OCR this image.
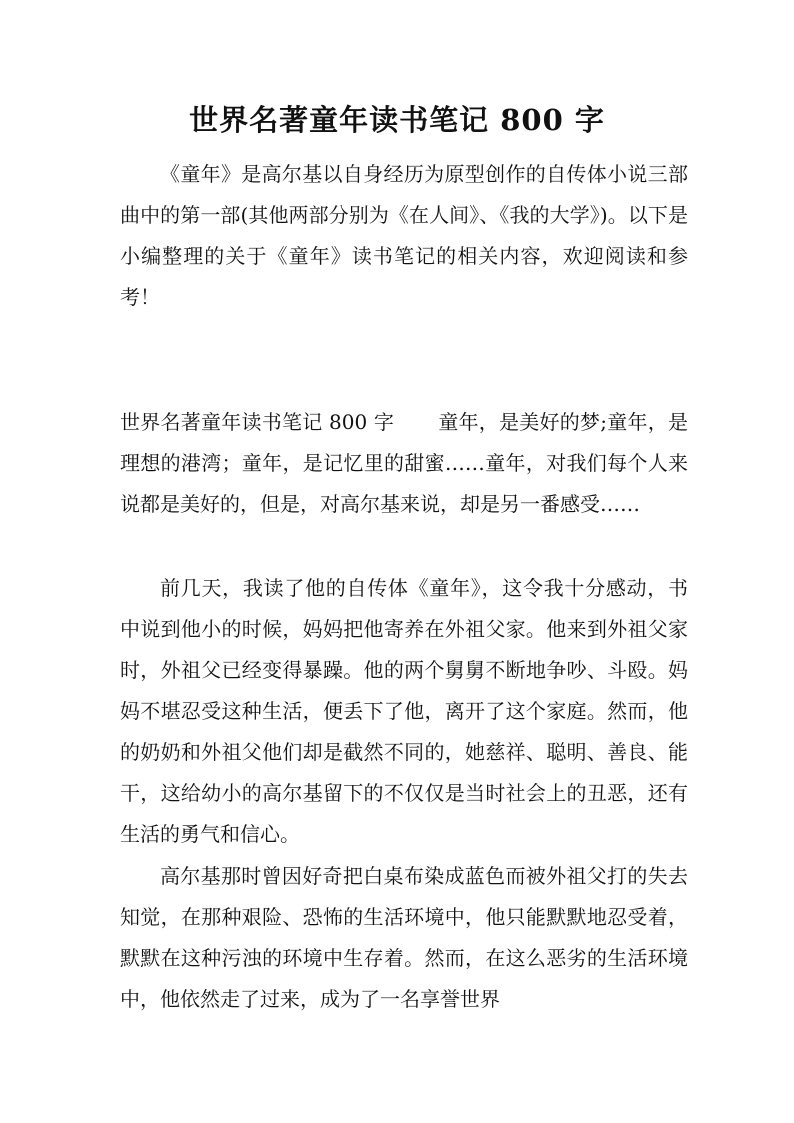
世界名著童年读书笔记 800 字
《童年》是高尔基以自身经历为原型创作的自传体小说三部曲中的第一部(其他两部分别为《在人间》、《我的大学》)。以下是小编整理的关于《童年》读书笔记的相关内容，欢迎阅读和参考！
世界名著童年读书笔记 800 字 童年，是美好的梦;童年，是理想的港湾；童年，是记忆里的甜蜜……童年，对我们每个人来说都是美好的，但是，对高尔基来说，却是另一番感受……
前几天，我读了他的自传体《童年》，这令我十分感动，书中说到他小的时候，妈妈把他寄养在外祖父家。他来到外祖父家时，外祖父已经变得暴躁。他的两个舅舅不断地争吵、斗殴。妈妈不堪忍受这种生活，便丢下了他，离开了这个家庭。然而，他的奶奶和外祖父他们却是截然不同的，她慈祥、聪明、善良、能干，这给幼小的高尔基留下的不仅仅是当时社会上的丑恶，还有生活的勇气和信心。
高尔基那时曾因好奇把白桌布染成蓝色而被外祖父打的失去知觉，在那种艰险、恐怖的生活环境中，他只能默默地忍受着，默默在这种污浊的环境中生存着。然而，在这么恶劣的生活环境中，他依然走了过来，成为了一名享誉世界
